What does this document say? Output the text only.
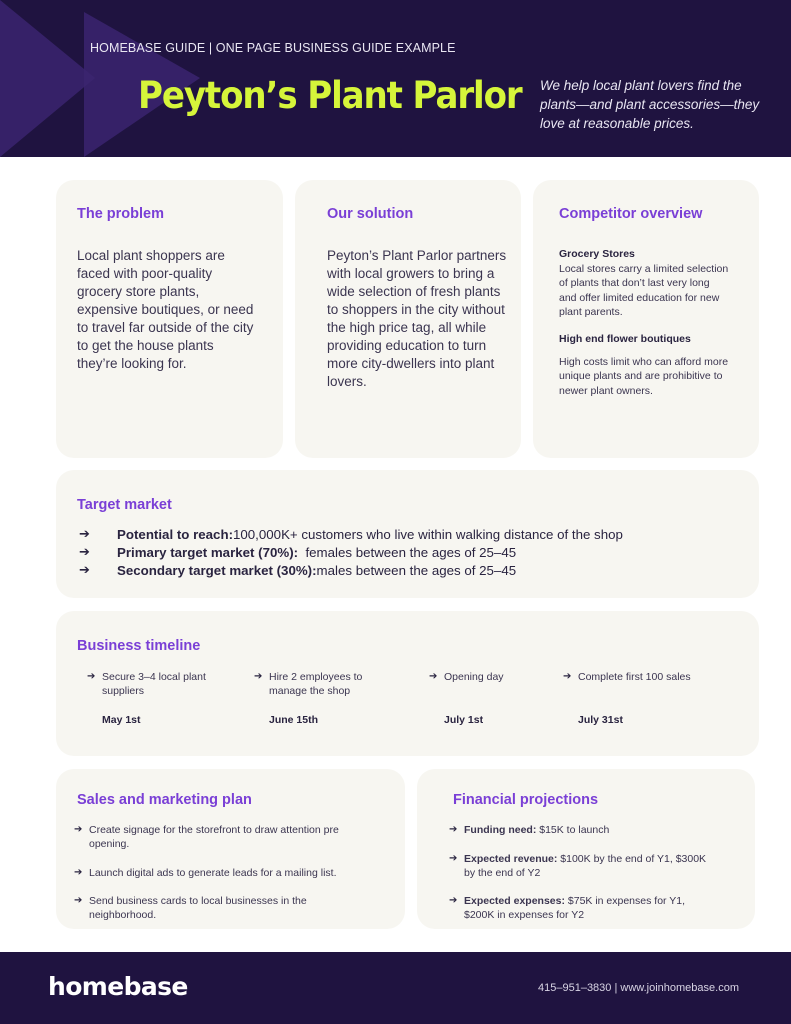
HOMEBASE GUIDE | ONE PAGE BUSINESS GUIDE EXAMPLE
Peyton’s Plant Parlor We help local plant lovers find the plants—and plant accessories—they love at reasonable prices.
The problem
Local plant shoppers are faced with poor-quality grocery store plants, expensive boutiques, or need to travel far outside of the city to get the house plants they’re looking for.
Our solution
Peyton’s Plant Parlor partners with local growers to bring a wide selection of fresh plants to shoppers in the city without the high price tag, all while providing education to turn more city-dwellers into plant lovers.
Competitor overview
Grocery Stores
Local stores carry a limited selection of plants that don’t last very long and offer limited education for new plant parents.
High end flower boutiques
High costs limit who can afford more unique plants and are prohibitive to newer plant owners.
Target market
➔	Potential to reach: 100,000K+ customers who live within walking distance of the shop
➔	Primary target market (70%): females between the ages of 25–45
➔	Secondary target market (30%): males between the ages of 25–45
Business timeline
➔ Secure 3–4 local plant suppliers
May 1st
➔ Hire 2 employees to manage the shop
June 15th
➔ Opening day
July 1st
➔ Complete first 100 sales
July 31st
Sales and marketing plan
➔ Create signage for the storefront to draw attention pre opening.
➔ Launch digital ads to generate leads for a mailing list.
➔ Send business cards to local businesses in the neighborhood.
Financial projections
➔ Funding need: $15K to launch
➔ Expected revenue: $100K by the end of Y1, $300K by the end of Y2
➔ Expected expenses: $75K in expenses for Y1, $200K in expenses for Y2
homebase	415–951–3830 | www.joinhomebase.com
